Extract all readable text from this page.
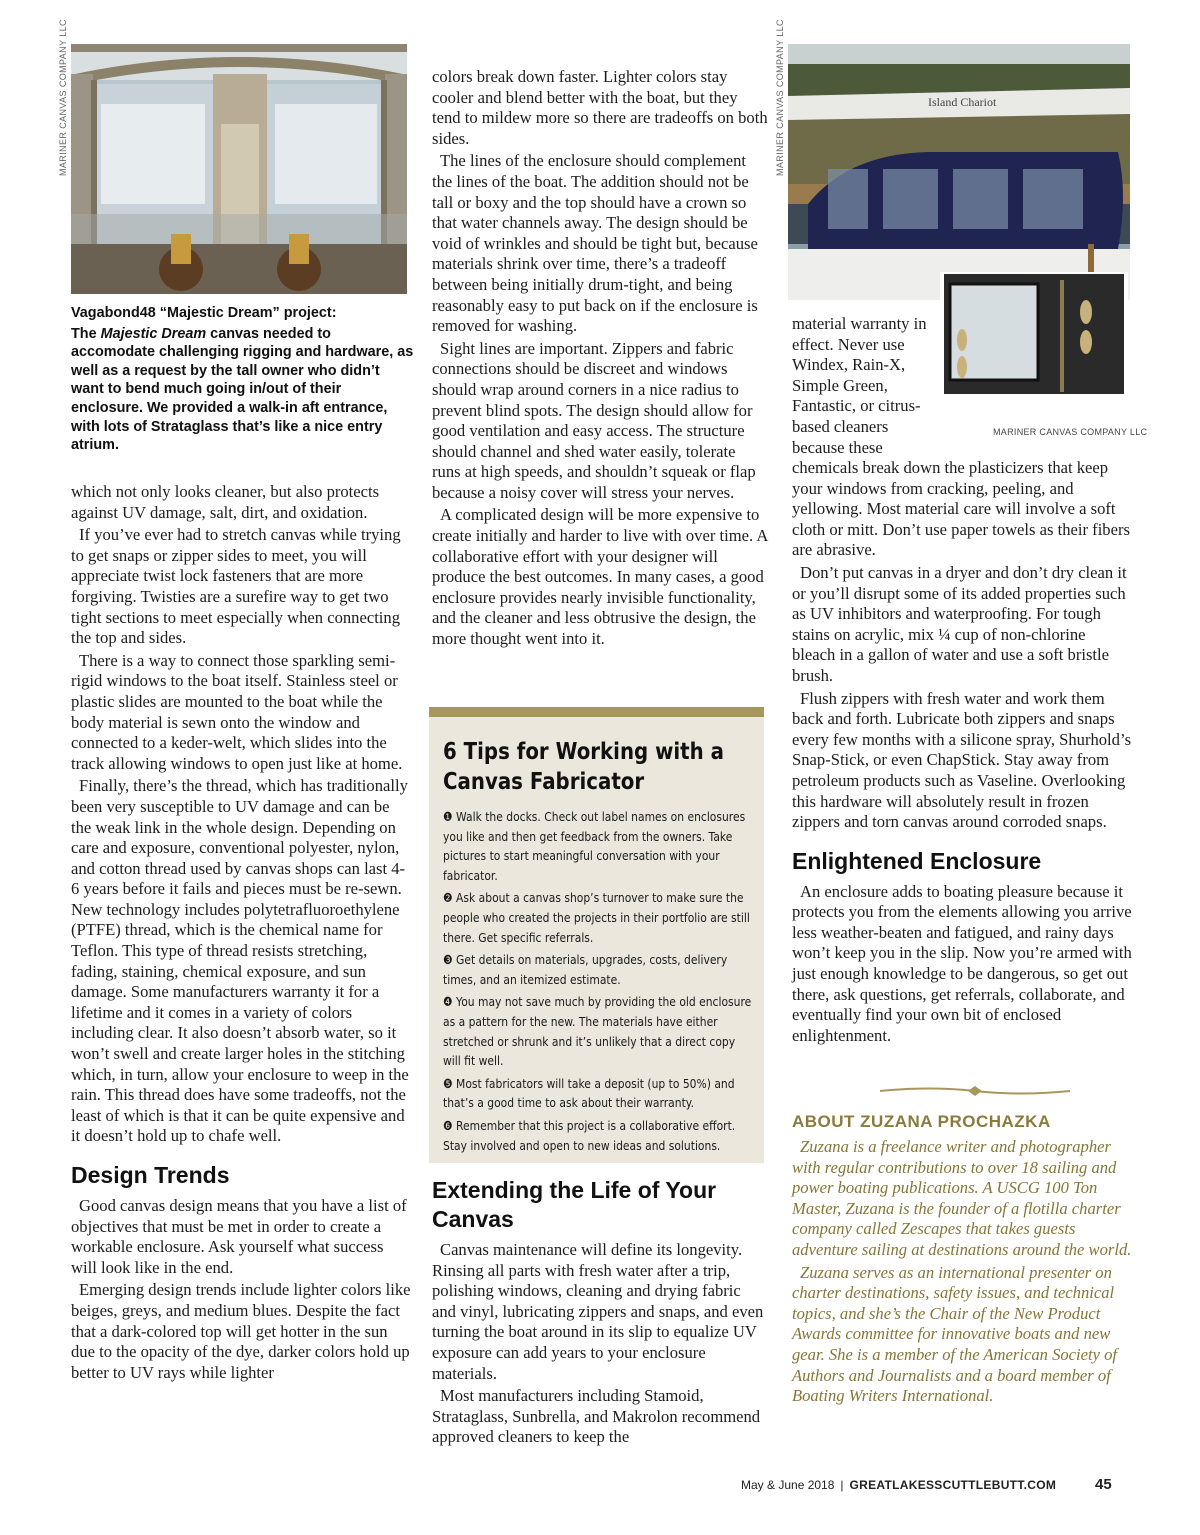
MARINER CANVAS COMPANY LLC
Vagabond48 “Majestic Dream” project:
The Majestic Dream canvas needed to accomodate challenging rigging and hardware, as well as a request by the tall owner who didn’t want to bend much going in/out of their enclosure. We provided a walk-in aft entrance, with lots of Strataglass that’s like a nice entry atrium.

which not only looks cleaner, but also protects against UV damage, salt, dirt, and oxidation.

If you’ve ever had to stretch canvas while trying to get snaps or zipper sides to meet, you will appreciate twist lock fasteners that are more forgiving. Twisties are a surefire way to get two tight sections to meet especially when connecting the top and sides.

There is a way to connect those sparkling semi-rigid windows to the boat itself. Stainless steel or plastic slides are mounted to the boat while the body material is sewn onto the window and connected to a keder-welt, which slides into the track allowing windows to open just like at home.

Finally, there’s the thread, which has traditionally been very susceptible to UV damage and can be the weak link in the whole design. Depending on care and exposure, conventional polyester, nylon, and cotton thread used by canvas shops can last 4-6 years before it fails and pieces must be re-sewn. New technology includes polytetrafluoroethylene (PTFE) thread, which is the chemical name for Teflon. This type of thread resists stretching, fading, staining, chemical exposure, and sun damage. Some manufacturers warranty it for a lifetime and it comes in a variety of colors including clear. It also doesn’t absorb water, so it won’t swell and create larger holes in the stitching which, in turn, allow your enclosure to weep in the rain. This thread does have some tradeoffs, not the least of which is that it can be quite expensive and it doesn’t hold up to chafe well.

Design Trends

Good canvas design means that you have a list of objectives that must be met in order to create a workable enclosure. Ask yourself what success will look like in the end.

Emerging design trends include lighter colors like beiges, greys, and medium blues. Despite the fact that a dark-colored top will get hotter in the sun due to the opacity of the dye, darker colors hold up better to UV rays while lighter

colors break down faster. Lighter colors stay cooler and blend better with the boat, but they tend to mildew more so there are tradeoffs on both sides.

The lines of the enclosure should complement the lines of the boat. The addition should not be tall or boxy and the top should have a crown so that water channels away. The design should be void of wrinkles and should be tight but, because materials shrink over time, there’s a tradeoff between being initially drum-tight, and being reasonably easy to put back on if the enclosure is removed for washing.

Sight lines are important. Zippers and fabric connections should be discreet and windows should wrap around corners in a nice radius to prevent blind spots. The design should allow for good ventilation and easy access. The structure should channel and shed water easily, tolerate runs at high speeds, and shouldn’t squeak or flap because a noisy cover will stress your nerves.

A complicated design will be more expensive to create initially and harder to live with over time. A collaborative effort with your designer will produce the best outcomes. In many cases, a good enclosure provides nearly invisible functionality, and the cleaner and less obtrusive the design, the more thought went into it.

6 Tips for Working with a
Canvas Fabricator
❶ Walk the docks. Check out label names on enclosures you like and then get feedback from the owners. Take pictures to start meaningful conversation with your fabricator.
❷ Ask about a canvas shop’s turnover to make sure the people who created the projects in their portfolio are still there. Get specific referrals.
❸ Get details on materials, upgrades, costs, delivery times, and an itemized estimate.
❹ You may not save much by providing the old enclosure as a pattern for the new. The materials have either stretched or shrunk and it’s unlikely that a direct copy will fit well.
❺ Most fabricators will take a deposit (up to 50%) and that’s a good time to ask about their warranty.
❻ Remember that this project is a collaborative effort. Stay involved and open to new ideas and solutions.
Extending the Life of Your Canvas

Canvas maintenance will define its longevity. Rinsing all parts with fresh water after a trip, polishing windows, cleaning and drying fabric and vinyl, lubricating zippers and snaps, and even turning the boat around in its slip to equalize UV exposure can add years to your enclosure materials.

Most manufacturers including Stamoid, Strataglass, Sunbrella, and Makrolon recommend approved cleaners to keep the

Island Chariot
MARINER CANVAS COMPANY LLC
MARINER CANVAS COMPANY LLC

material warranty in effect. Never use Windex, Rain-X, Simple Green, Fantastic, or citrus-based cleaners because these

chemicals break down the plasticizers that keep your windows from cracking, peeling, and yellowing. Most material care will involve a soft cloth or mitt. Don’t use paper towels as their fibers are abrasive.

Don’t put canvas in a dryer and don’t dry clean it or you’ll disrupt some of its added properties such as UV inhibitors and waterproofing. For tough stains on acrylic, mix ¼ cup of non-chlorine bleach in a gallon of water and use a soft bristle brush.

Flush zippers with fresh water and work them back and forth. Lubricate both zippers and snaps every few months with a silicone spray, Shurhold’s Snap-Stick, or even ChapStick. Stay away from petroleum products such as Vaseline. Overlooking this hardware will absolutely result in frozen zippers and torn canvas around corroded snaps.

Enlightened Enclosure

An enclosure adds to boating pleasure because it protects you from the elements allowing you arrive less weather-beaten and fatigued, and rainy days won’t keep you in the slip. Now you’re armed with just enough knowledge to be dangerous, so get out there, ask questions, get referrals, collaborate, and eventually find your own bit of enclosed enlightenment.

ABOUT ZUZANA PROCHAZKA

Zuzana is a freelance writer and photographer with regular contributions to over 18 sailing and power boating publications. A USCG 100 Ton Master, Zuzana is the founder of a flotilla charter company called Zescapes that takes guests adventure sailing at destinations around the world.

Zuzana serves as an international presenter on charter destinations, safety issues, and technical topics, and she’s the Chair of the New Product Awards committee for innovative boats and new gear. She is a member of the American Society of Authors and Journalists and a board member of Boating Writers International.

May & June 2018 | GREATLAKESSCUTTLEBUTT.COM	45
